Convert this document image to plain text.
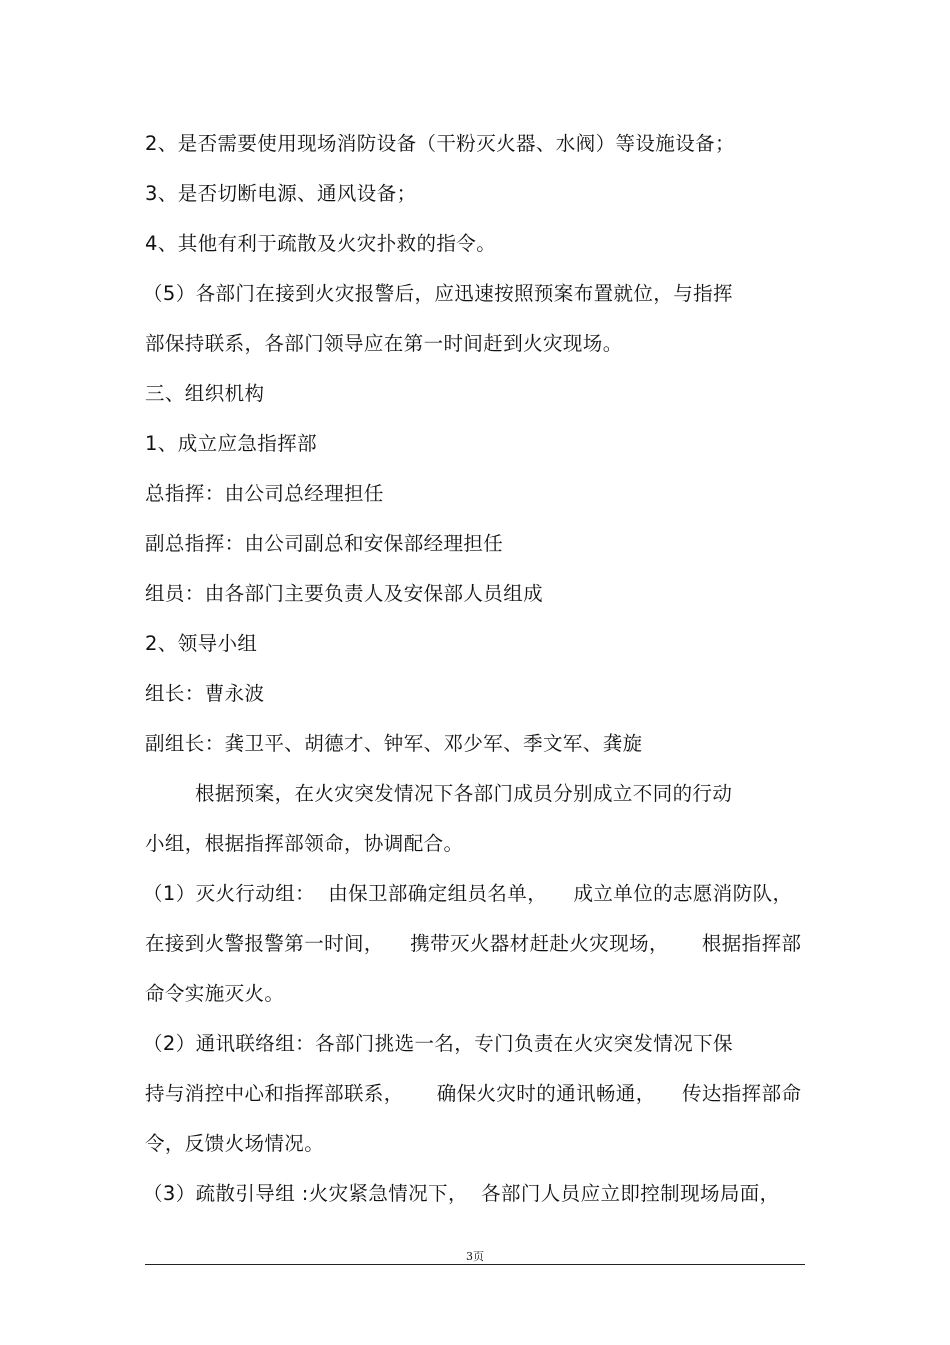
2、是否需要使用现场消防设备（干粉灭火器、水阀）等设施设备；
3、是否切断电源、通风设备；
4、其他有利于疏散及火灾扑救的指令。
（5）各部门在接到火灾报警后，应迅速按照预案布置就位，与指挥
部保持联系，各部门领导应在第一时间赶到火灾现场。
三、组织机构
1、成立应急指挥部
总指挥：由公司总经理担任
副总指挥：由公司副总和安保部经理担任
组员：由各部门主要负责人及安保部人员组成
2、领导小组
组长：曹永波
副组长：龚卫平、胡德才、钟军、邓少军、季文军、龚旋
根据预案，在火灾突发情况下各部门成员分别成立不同的行动
小组，根据指挥部领命，协调配合。
（1）灭火行动组：  由保卫部确定组员名单，    成立单位的志愿消防队，
在接到火警报警第一时间，    携带灭火器材赶赴火灾现场，     根据指挥部
命令实施灭火。
（2）通讯联络组：各部门挑选一名，专门负责在火灾突发情况下保
持与消控中心和指挥部联系，     确保火灾时的通讯畅通，    传达指挥部命
令，反馈火场情况。
（3）疏散引导组 :火灾紧急情况下，  各部门人员应立即控制现场局面，
3页
